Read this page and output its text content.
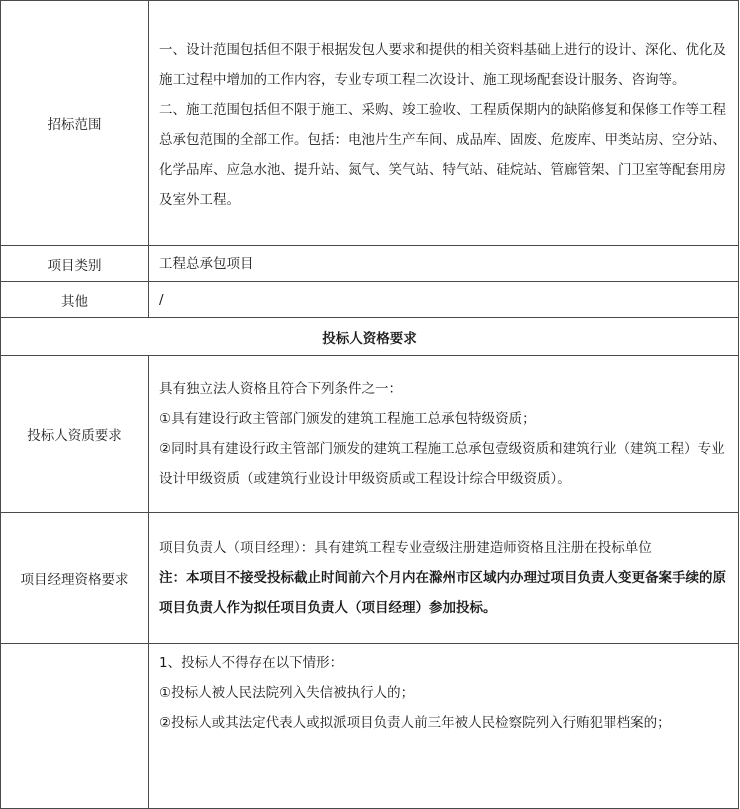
招标范围	一、设计范围包括但不限于根据发包人要求和提供的相关资料基础上进行的设计、深化、优化及施工过程中增加的工作内容，专业专项工程二次设计、施工现场配套设计服务、咨询等。
二、施工范围包括但不限于施工、采购、竣工验收、工程质保期内的缺陷修复和保修工作等工程总承包范围的全部工作。包括：电池片生产车间、成品库、固废、危废库、甲类站房、空分站、化学品库、应急水池、提升站、氮气、笑气站、特气站、硅烷站、管廊管架、门卫室等配套用房及室外工程。

项目类别	工程总承包项目
其他	/
投标人资格要求	
投标人资质要求	具有独立法人资格且符合下列条件之一：
①具有建设行政主管部门颁发的建筑工程施工总承包特级资质；
②同时具有建设行政主管部门颁发的建筑工程施工总承包壹级资质和建筑行业（建筑工程）专业设计甲级资质（或建筑行业设计甲级资质或工程设计综合甲级资质）。

项目经理资格要求	项目负责人（项目经理）：具有建筑工程专业壹级注册建造师资格且注册在投标单位
注：本项目不接受投标截止时间前六个月内在滁州市区域内办理过项目负责人变更备案手续的原项目负责人作为拟任项目负责人（项目经理）参加投标。

	1、投标人不得存在以下情形：
①投标人被人民法院列入失信被执行人的；
②投标人或其法定代表人或拟派项目负责人前三年被人民检察院列入行贿犯罪档案的；
